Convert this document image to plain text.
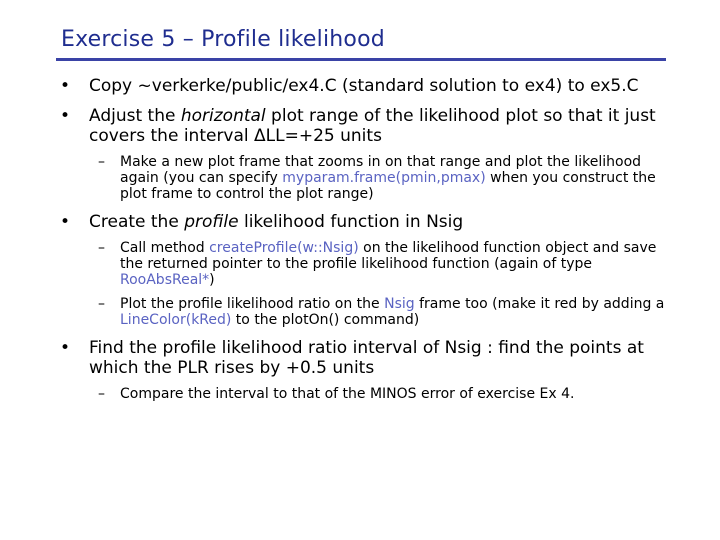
Exercise 5 – Profile likelihood
• Copy ~verkerke/public/ex4.C (standard solution to ex4) to ex5.C
• Adjust the horizontal plot range of the likelihood plot so that it just covers the interval ΔLL=+25 units
– Make a new plot frame that zooms in on that range and plot the likelihood again (you can specify myparam.frame(pmin,pmax) when you construct the plot frame to control the plot range)
• Create the profile likelihood function in Nsig
– Call method createProfile(w::Nsig) on the likelihood function object and save the returned pointer to the profile likelihood function (again of type RooAbsReal*)
– Plot the profile likelihood ratio on the Nsig frame too (make it red by adding a LineColor(kRed) to the plotOn() command)
• Find the profile likelihood ratio interval of Nsig : find the points at which the PLR rises by +0.5 units
– Compare the interval to that of the MINOS error of exercise Ex 4.
